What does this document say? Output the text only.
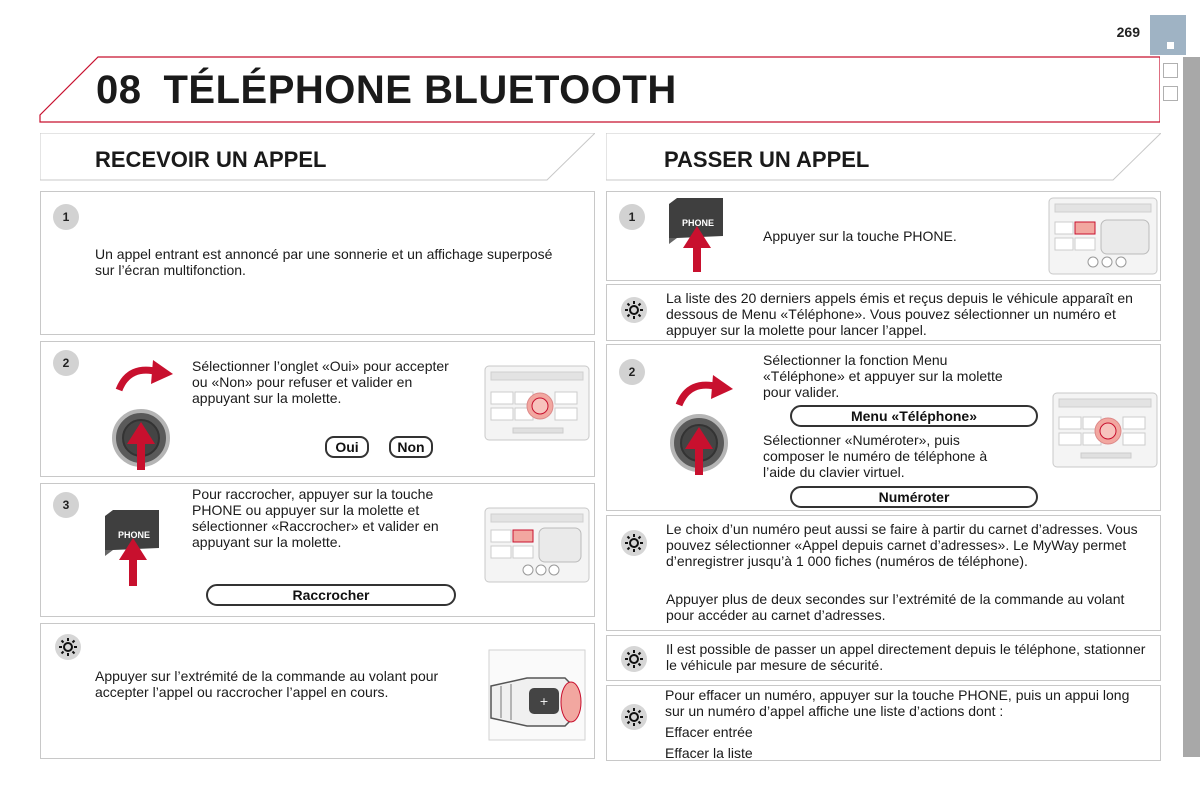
269
08 TÉLÉPHONE BLUETOOTH
RECEVOIR UN APPEL	PASSER UN APPEL
1
Un appel entrant est annoncé par une sonnerie et un affichage superposé sur l’écran multifonction.
2	Sélectionner l’onglet «Oui» pour accepter ou «Non» pour refuser et valider en appuyant sur la molette.
Oui	Non
3
PHONE
Pour raccrocher, appuyer sur la touche PHONE ou appuyer sur la molette et sélectionner «Raccrocher» et valider en appuyant sur la molette.
Raccrocher
Appuyer sur l’extrémité de la commande au volant pour accepter l’appel ou raccrocher l’appel en cours.
+
1	PHONE
Appuyer sur la touche PHONE.
La liste des 20 derniers appels émis et reçus depuis le véhicule apparaît en dessous de Menu «Téléphone». Vous pouvez sélectionner un numéro et appuyer sur la molette pour lancer l’appel.
2
Sélectionner la fonction Menu «Téléphone» et appuyer sur la molette pour valider.
Menu «Téléphone»
Sélectionner «Numéroter», puis composer le numéro de téléphone à l’aide du clavier virtuel.
Numéroter
Le choix d’un numéro peut aussi se faire à partir du carnet d’adresses. Vous pouvez sélectionner «Appel depuis carnet d’adresses». Le MyWay permet d’enregistrer jusqu’à 1 000 fiches (numéros de téléphone).
Appuyer plus de deux secondes sur l’extrémité de la commande au volant pour accéder au carnet d’adresses.
Il est possible de passer un appel directement depuis le téléphone, stationner le véhicule par mesure de sécurité.
Pour effacer un numéro, appuyer sur la touche PHONE, puis un appui long sur un numéro d’appel affiche une liste d’actions dont :
Effacer entrée
Effacer la liste
